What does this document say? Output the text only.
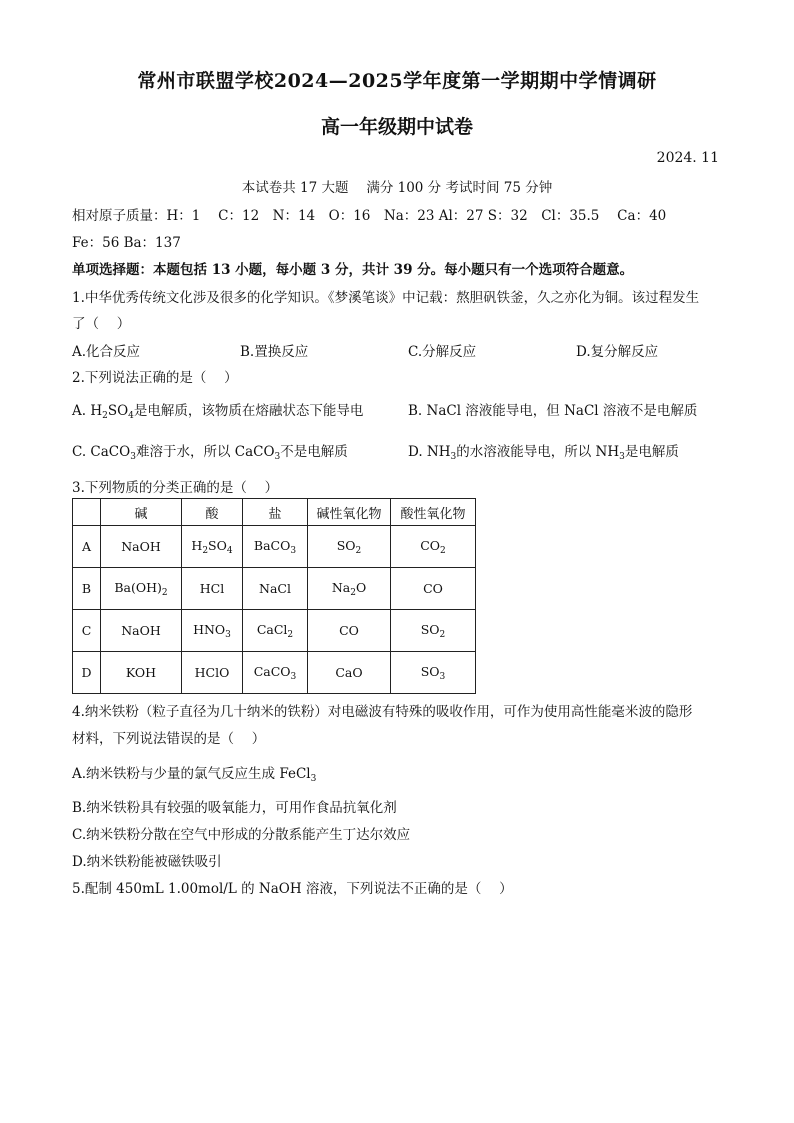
常州市联盟学校2024—2025学年度第一学期期中学情调研
高一年级期中试卷
2024. 11
本试卷共 17 大题　 满分 100 分 考试时间 75 分钟
相对原子质量：H：1　 C：12　N：14　O：16　Na：23 Al：27 S：32　Cl：35.5　 Ca：40
Fe：56 Ba：137
单项选择题：本题包括 13 小题，每小题 3 分，共计 39 分。每小题只有一个选项符合题意。
1.中华优秀传统文化涉及很多的化学知识。《梦溪笔谈》中记载：熬胆矾铁釜，久之亦化为铜。该过程发生
了（　 ）
A.化合反应	B.置换反应	C.分解反应	D.复分解反应
2.下列说法正确的是（　 ）
A. $H_2SO_4$是电解质，该物质在熔融状态下能导电	B. NaCl 溶液能导电，但 NaCl 溶液不是电解质
C. CaCO$_3$难溶于水，所以 CaCO$_3$不是电解质	D. $NH_3$的水溶液能导电，所以 $NH_3$是电解质
3.下列物质的分类正确的是（　 ）
	碱	酸	盐	碱性氧化物	酸性氧化物
A	NaOH	$H_2SO_4$	BaCO$_3$	$SO_2$	$CO_2$
B	$Ba(OH)_2$	HCl	NaCl	$Na_2O$	CO
C	NaOH	$HNO_3$	CaCl$_2$	CO	$SO_2$
D	KOH	HClO	CaCO$_3$	CaO	$SO_3$
4.纳米铁粉（粒子直径为几十纳米的铁粉）对电磁波有特殊的吸收作用，可作为使用高性能毫米波的隐形
材料，下列说法错误的是（　 ）
A.纳米铁粉与少量的氯气反应生成 FeCl$_3$
B.纳米铁粉具有较强的吸氧能力，可用作食品抗氧化剂
C.纳米铁粉分散在空气中形成的分散系能产生丁达尔效应
D.纳米铁粉能被磁铁吸引
5.配制 450mL 1.00mol/L 的 NaOH 溶液，下列说法不正确的是（　 ）
